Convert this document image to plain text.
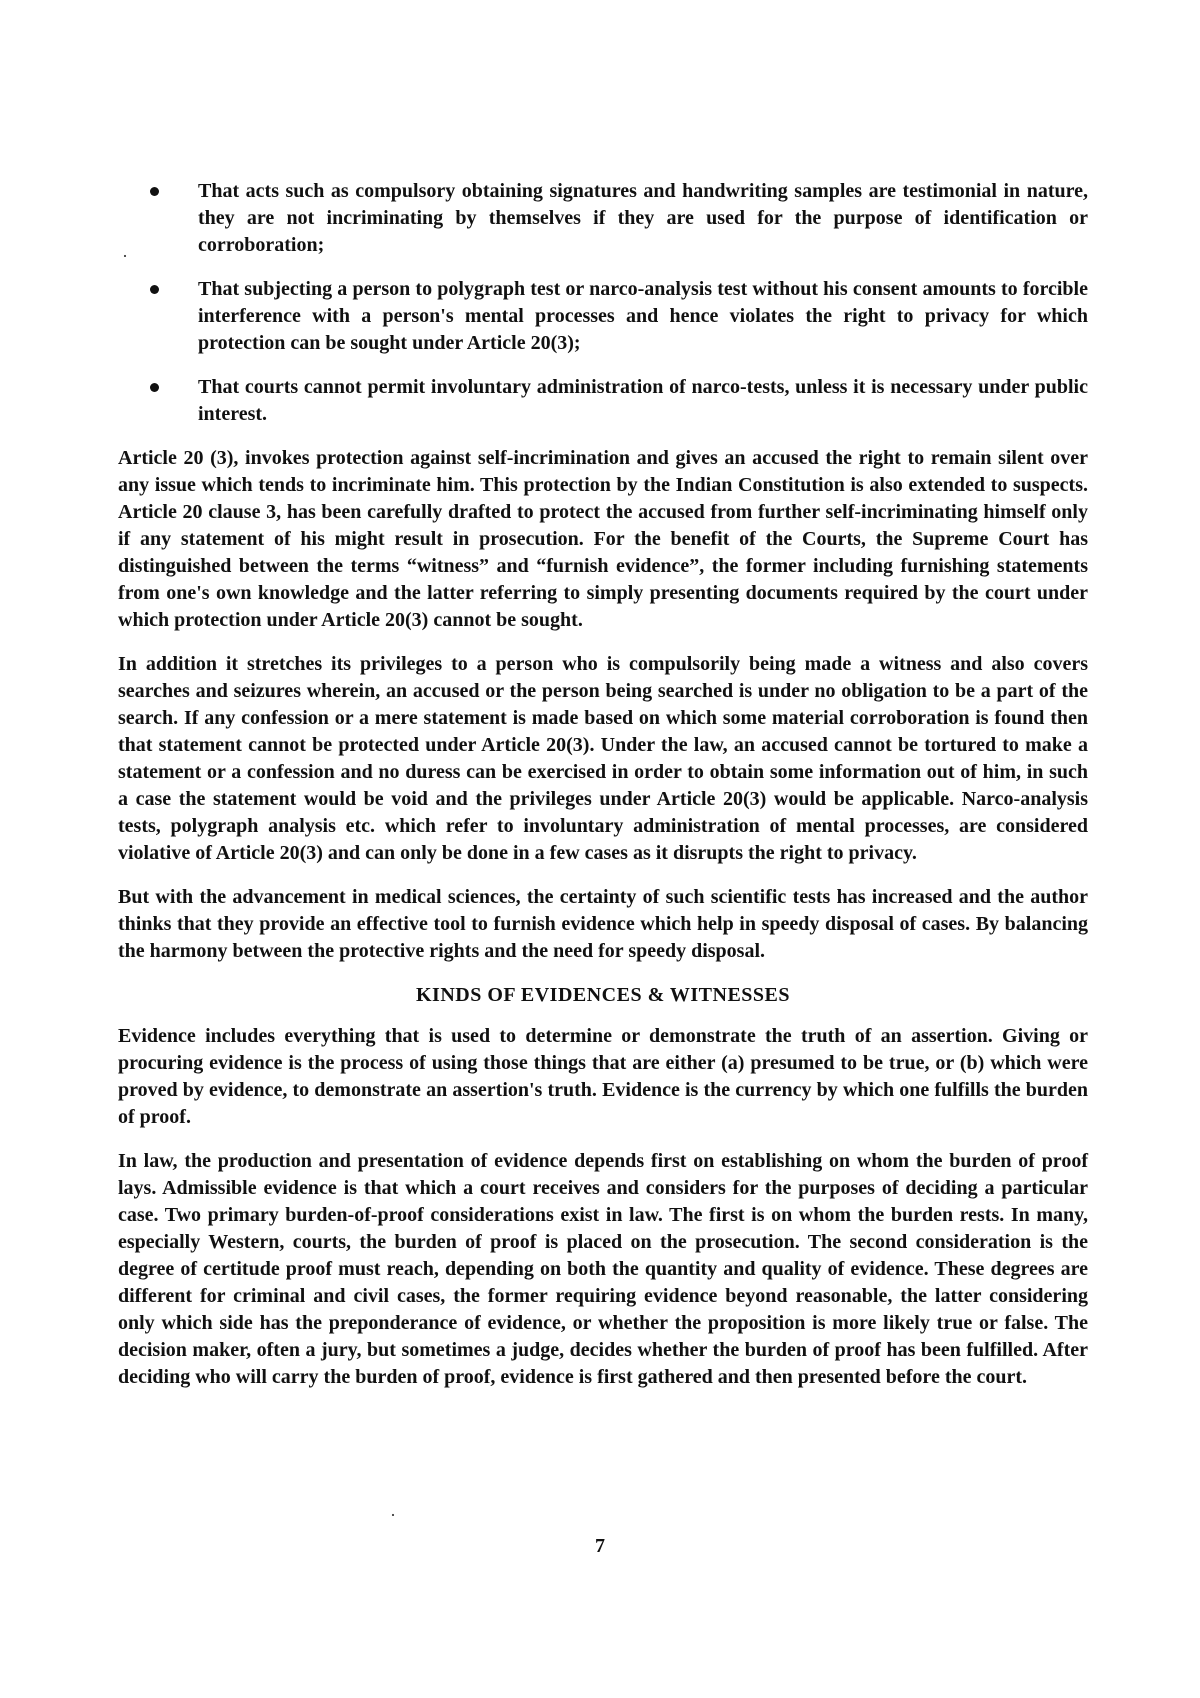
That acts such as compulsory obtaining signatures and handwriting samples are testimonial in nature, they are not incriminating by themselves if they are used for the purpose of identification or corroboration;
That subjecting a person to polygraph test or narco-analysis test without his consent amounts to forcible interference with a person's mental processes and hence violates the right to privacy for which protection can be sought under Article 20(3);
That courts cannot permit involuntary administration of narco-tests, unless it is necessary under public interest.

Article 20 (3), invokes protection against self-incrimination and gives an accused the right to remain silent over any issue which tends to incriminate him. This protection by the Indian Constitution is also extended to suspects. Article 20 clause 3, has been carefully drafted to protect the accused from further self-incriminating himself only if any statement of his might result in prosecution. For the benefit of the Courts, the Supreme Court has distinguished between the terms “witness” and “furnish evidence”, the former including furnishing statements from one's own knowledge and the latter referring to simply presenting documents required by the court under which protection under Article 20(3) cannot be sought.

In addition it stretches its privileges to a person who is compulsorily being made a witness and also covers searches and seizures wherein, an accused or the person being searched is under no obligation to be a part of the search. If any confession or a mere statement is made based on which some material corroboration is found then that statement cannot be protected under Article 20(3). Under the law, an accused cannot be tortured to make a statement or a confession and no duress can be exercised in order to obtain some information out of him, in such a case the statement would be void and the privileges under Article 20(3) would be applicable. Narco-analysis tests, polygraph analysis etc. which refer to involuntary administration of mental processes, are considered violative of Article 20(3) and can only be done in a few cases as it disrupts the right to privacy.

But with the advancement in medical sciences, the certainty of such scientific tests has increased and the author thinks that they provide an effective tool to furnish evidence which help in speedy disposal of cases. By balancing the harmony between the protective rights and the need for speedy disposal.

KINDS OF EVIDENCES & WITNESSES

Evidence includes everything that is used to determine or demonstrate the truth of an assertion. Giving or procuring evidence is the process of using those things that are either (a) presumed to be true, or (b) which were proved by evidence, to demonstrate an assertion's truth. Evidence is the currency by which one fulfills the burden of proof.

In law, the production and presentation of evidence depends first on establishing on whom the burden of proof lays. Admissible evidence is that which a court receives and considers for the purposes of deciding a particular case. Two primary burden-of-proof considerations exist in law. The first is on whom the burden rests. In many, especially Western, courts, the burden of proof is placed on the prosecution. The second consideration is the degree of certitude proof must reach, depending on both the quantity and quality of evidence. These degrees are different for criminal and civil cases, the former requiring evidence beyond reasonable, the latter considering only which side has the preponderance of evidence, or whether the proposition is more likely true or false. The decision maker, often a jury, but sometimes a judge, decides whether the burden of proof has been fulfilled. After deciding who will carry the burden of proof, evidence is first gathered and then presented before the court.

7
·
·
